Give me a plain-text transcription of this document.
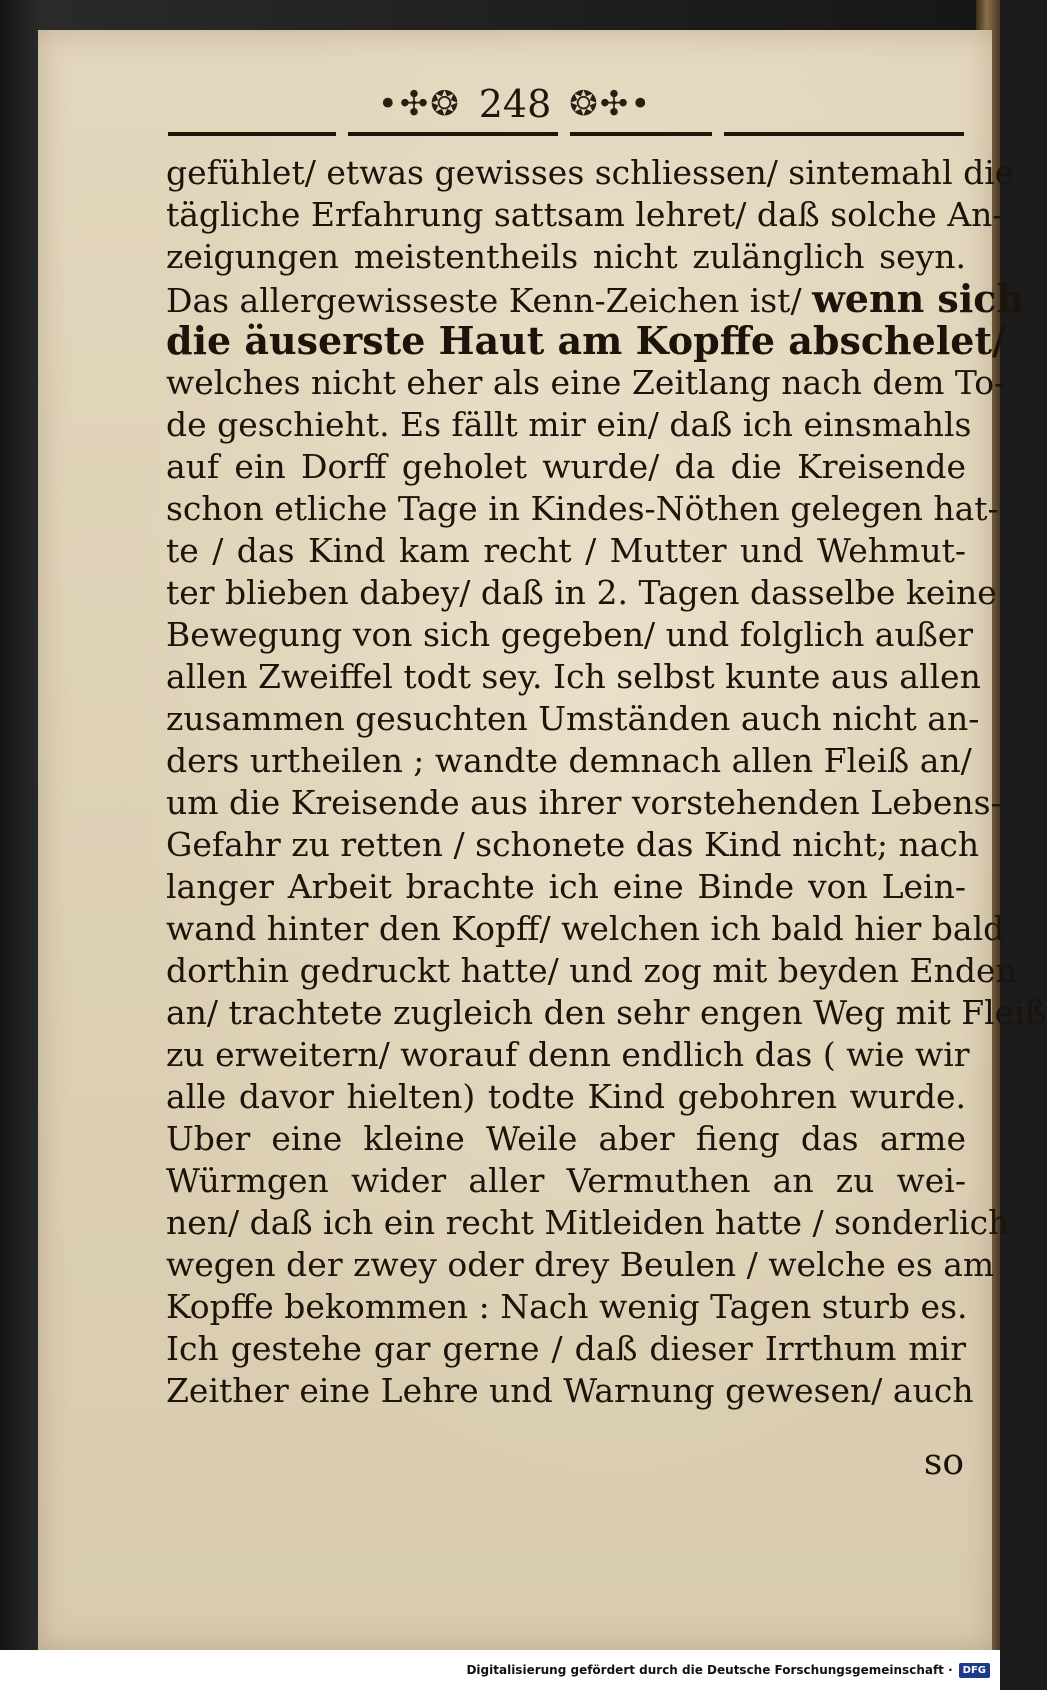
•✣❂ 248 ❂✣•
gefühlet/ etwas gewisses schliessen/ sintemahl die
tägliche Erfahrung sattsam lehret/ daß solche An-
zeigungen meistentheils nicht zulänglich seyn.
Das allergewisseste Kenn-Zeichen ist/ wenn sich
die äuserste Haut am Kopffe abschelet/
welches nicht eher als eine Zeitlang nach dem To-
de geschieht. Es fällt mir ein/ daß ich einsmahls
auf ein Dorff geholet wurde/ da die Kreisende
schon etliche Tage in Kindes-Nöthen gelegen hat-
te / das Kind kam recht / Mutter und Wehmut-
ter blieben dabey/ daß in 2. Tagen dasselbe keine
Bewegung von sich gegeben/ und folglich außer
allen Zweiffel todt sey. Ich selbst kunte aus allen
zusammen gesuchten Umständen auch nicht an-
ders urtheilen ; wandte demnach allen Fleiß an/
um die Kreisende aus ihrer vorstehenden Lebens-
Gefahr zu retten / schonete das Kind nicht; nach
langer Arbeit brachte ich eine Binde von Lein-
wand hinter den Kopff/ welchen ich bald hier bald
dorthin gedruckt hatte/ und zog mit beyden Enden
an/ trachtete zugleich den sehr engen Weg mit Fleiß
zu erweitern/ worauf denn endlich das ( wie wir
alle davor hielten) todte Kind gebohren wurde.
Uber eine kleine Weile aber fieng das arme
Würmgen wider aller Vermuthen an zu wei-
nen/ daß ich ein recht Mitleiden hatte / sonderlich
wegen der zwey oder drey Beulen / welche es am
Kopffe bekommen : Nach wenig Tagen sturb es.
Ich gestehe gar gerne / daß dieser Irrthum mir
Zeither eine Lehre und Warnung gewesen/ auch
so
Digitalisierung gefördert durch die Deutsche Forschungsgemeinschaft ·	DFG
